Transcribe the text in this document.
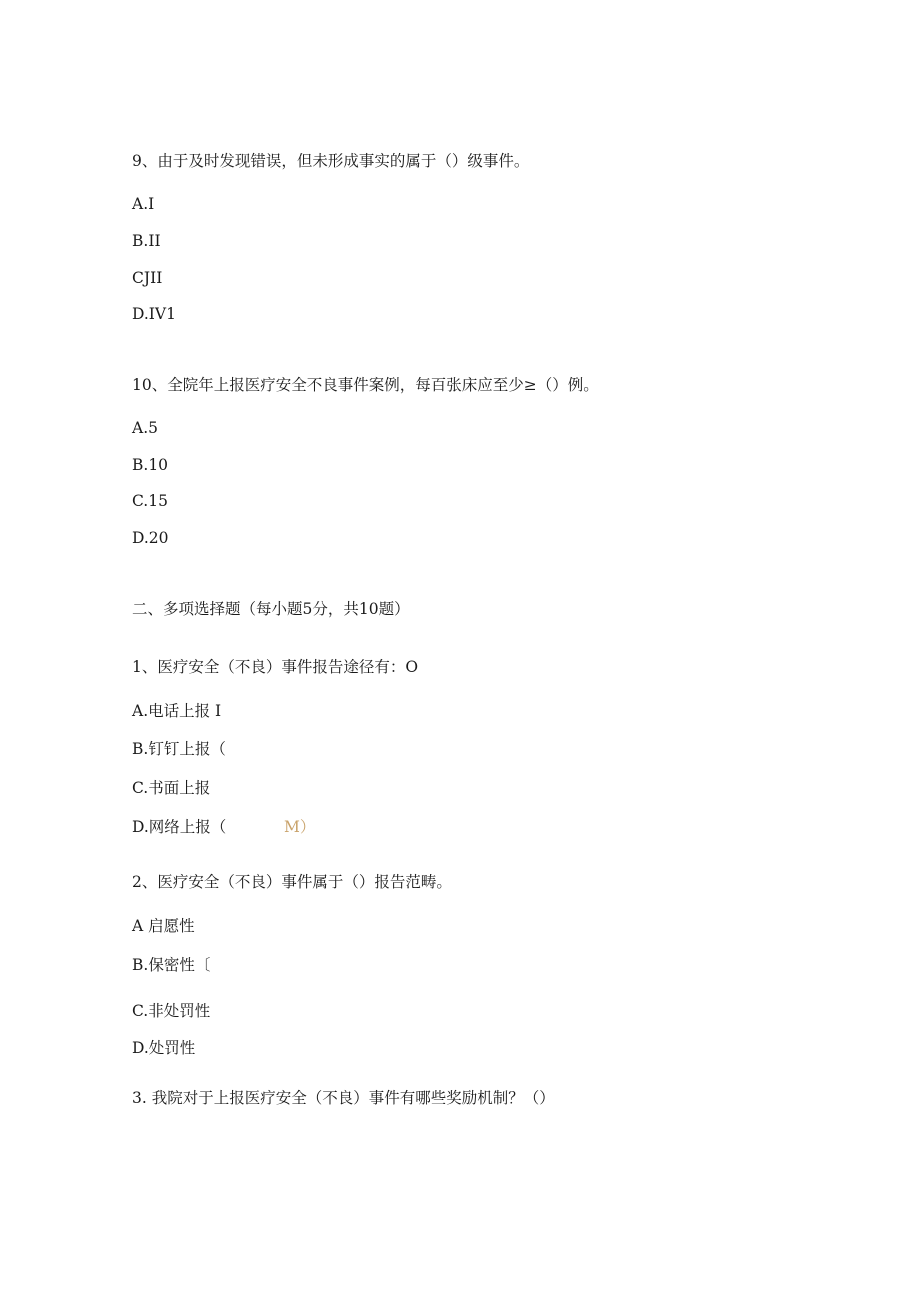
9、由于及时发现错误，但未形成事实的属于（）级事件。
A.I
B.II
CJII
D.IV1
10、全院年上报医疗安全不良事件案例，每百张床应至少≥（）例。
A.5
B.10
C.15
D.20
二、多项选择题（每小题5分，共10题）
1、医疗安全（不良）事件报告途径有：O
A.电话上报 I
B.钉钉上报（
C.书面上报
D.网络上报（	M）
2、医疗安全（不良）事件属于（）报告范畴。
A 启愿性
B.保密性〔
C.非处罚性
D.处罚性
3. 我院对于上报医疗安全（不良）事件有哪些奖励机制？（）
